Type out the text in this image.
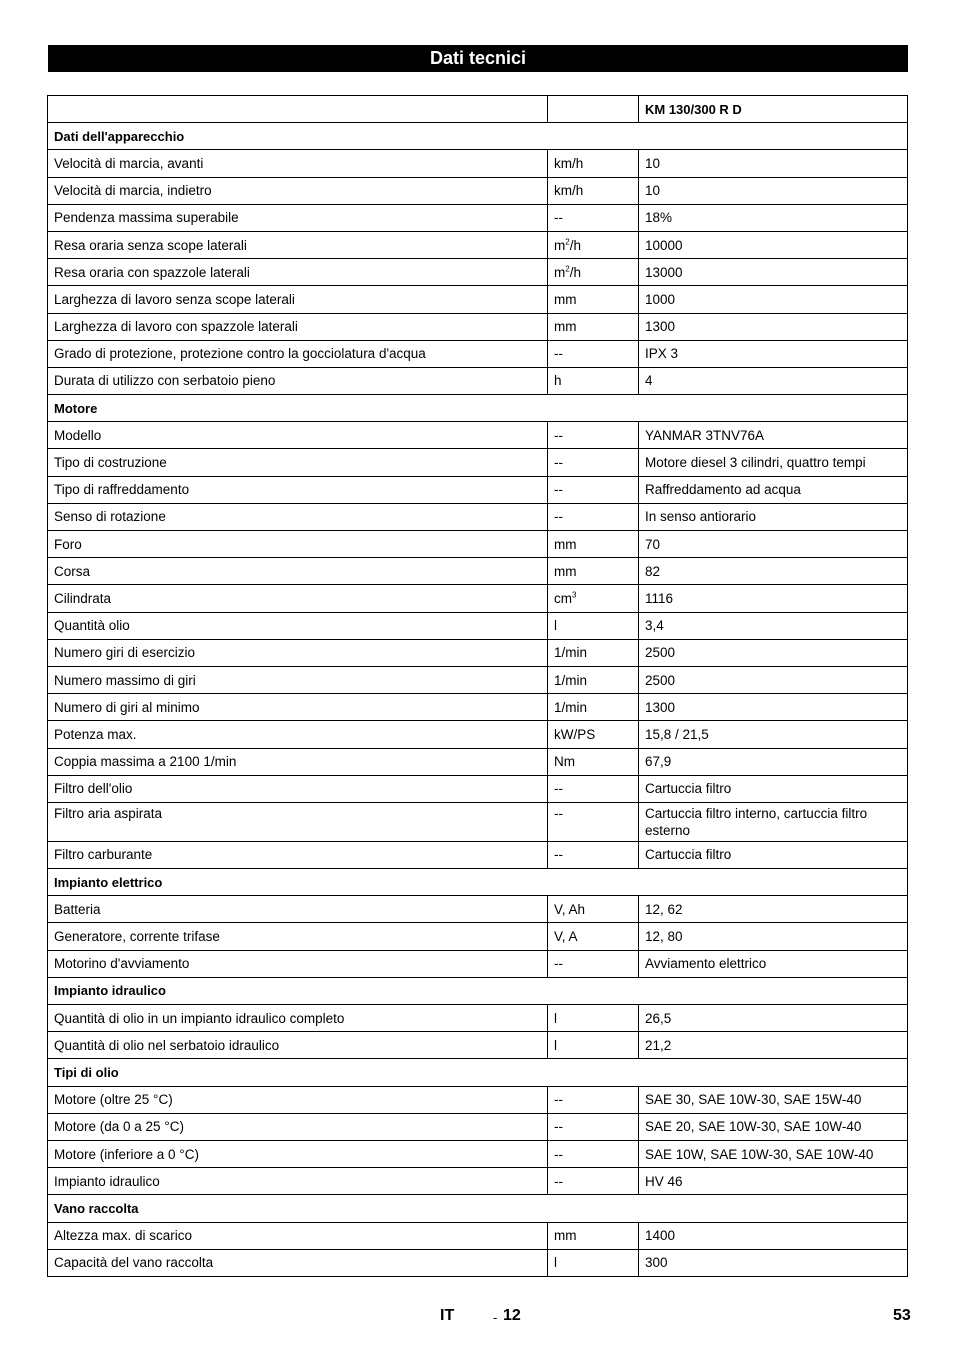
Dati tecnici
		KM 130/300 R D
Dati dell'apparecchio		
Velocità di marcia, avanti	km/h	10
Velocità di marcia, indietro	km/h	10
Pendenza massima superabile	--	18%
Resa oraria senza scope laterali	$m^2/h$	10000
Resa oraria con spazzole laterali	$m^2/h$	13000
Larghezza di lavoro senza scope laterali	mm	1000
Larghezza di lavoro con spazzole laterali	mm	1300
Grado di protezione, protezione contro la gocciolatura d'acqua	--	IPX 3
Durata di utilizzo con serbatoio pieno	h	4
Motore		
Modello	--	YANMAR 3TNV76A
Tipo di costruzione	--	Motore diesel 3 cilindri, quattro tempi
Tipo di raffreddamento	--	Raffreddamento ad acqua
Senso di rotazione	--	In senso antiorario
Foro	mm	70
Corsa	mm	82
Cilindrata	$cm^3$	1116
Quantità olio	l	3,4
Numero giri di esercizio	1/min	2500
Numero massimo di giri	1/min	2500
Numero di giri al minimo	1/min	1300
Potenza max.	kW/PS	15,8 / 21,5
Coppia massima a 2100 1/min	Nm	67,9
Filtro dell'olio	--	Cartuccia filtro
Filtro aria aspirata	--	Cartuccia filtro interno, cartuccia filtro esterno
Filtro carburante	--	Cartuccia filtro
Impianto elettrico		
Batteria	V, Ah	12, 62
Generatore, corrente trifase	V, A	12, 80
Motorino d'avviamento	--	Avviamento elettrico
Impianto idraulico		
Quantità di olio in un impianto idraulico completo	l	26,5
Quantità di olio nel serbatoio idraulico	l	21,2
Tipi di olio		
Motore (oltre 25 °C)	--	SAE 30, SAE 10W-30, SAE 15W-40
Motore (da 0 a 25 °C)	--	SAE 20, SAE 10W-30, SAE 10W-40
Motore (inferiore a 0 °C)	--	SAE 10W, SAE 10W-30, SAE 10W-40
Impianto idraulico	--	HV 46
Vano raccolta		
Altezza max. di scarico	mm	1400
Capacità del vano raccolta	l	300
IT	- 12	53
